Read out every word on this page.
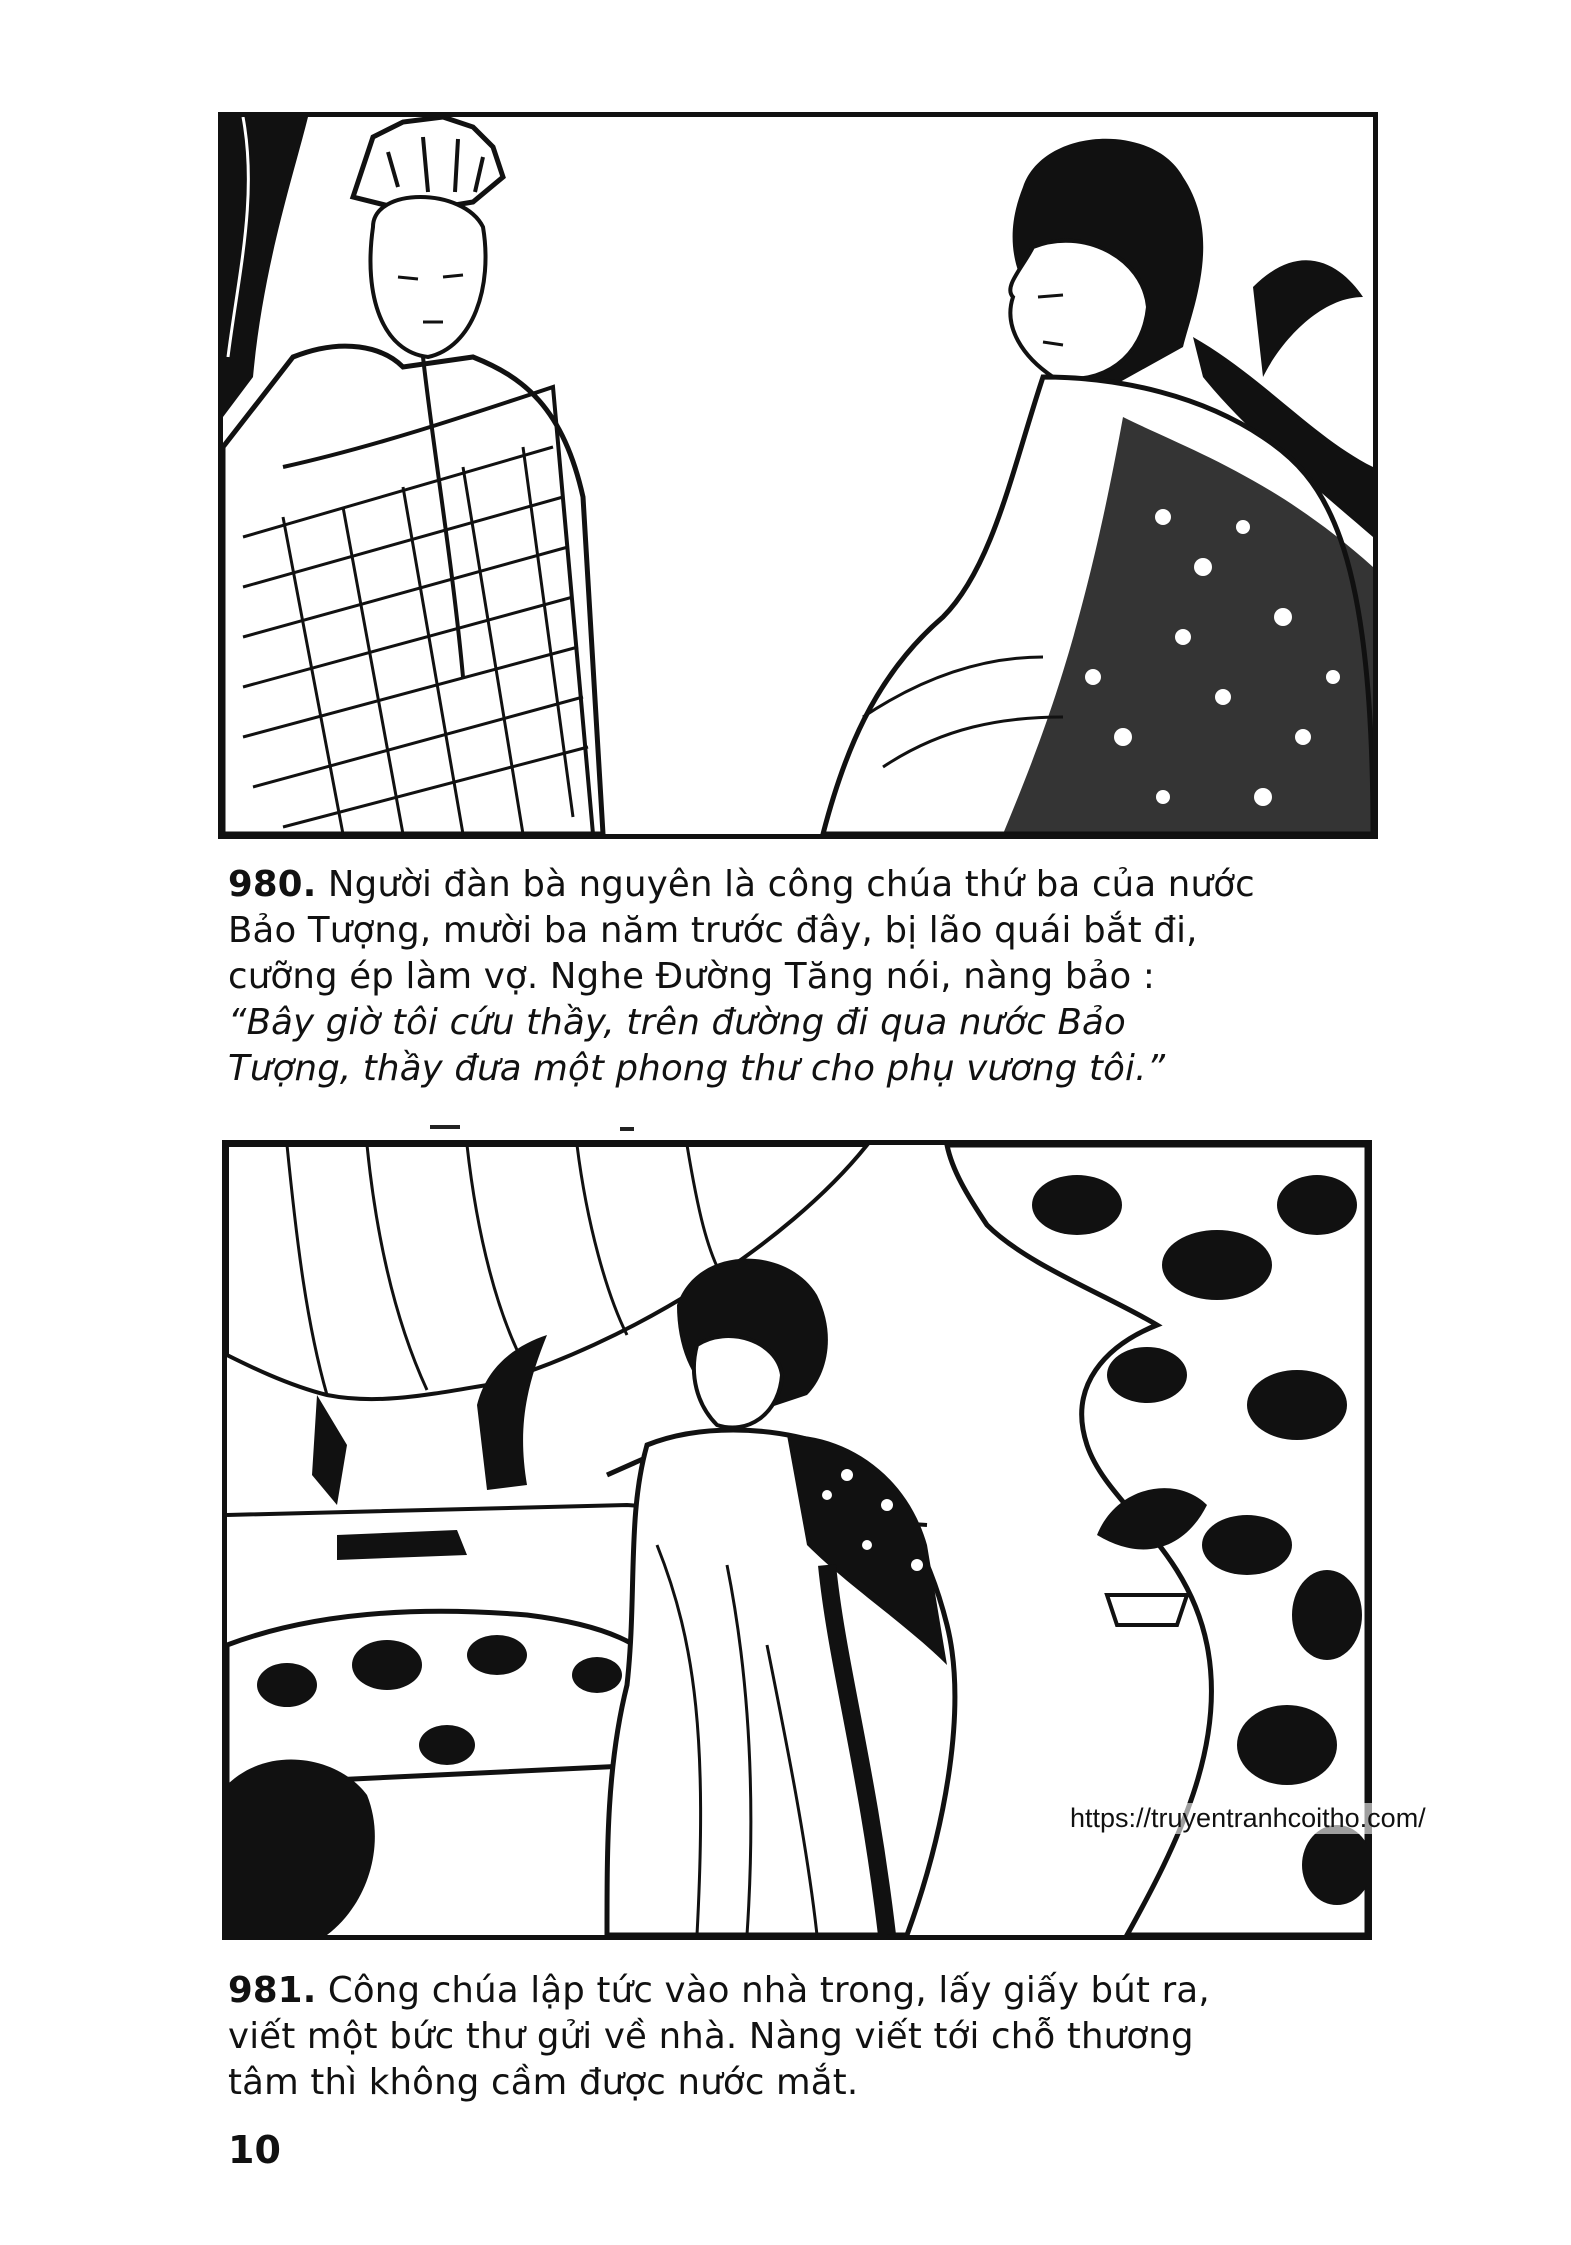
980. Người đàn bà nguyên là công chúa thứ ba của nước
Bảo Tượng, mười ba năm trước đây, bị lão quái bắt đi,
cưỡng ép làm vợ. Nghe Đường Tăng nói, nàng bảo :
“Bây giờ tôi cứu thầy, trên đường đi qua nước Bảo
Tượng, thầy đưa một phong thư cho phụ vương tôi.”
https://truyentranhcoitho.com/
981. Công chúa lập tức vào nhà trong, lấy giấy bút ra,
viết một bức thư gửi về nhà. Nàng viết tới chỗ thương
tâm thì không cầm được nước mắt.
10
